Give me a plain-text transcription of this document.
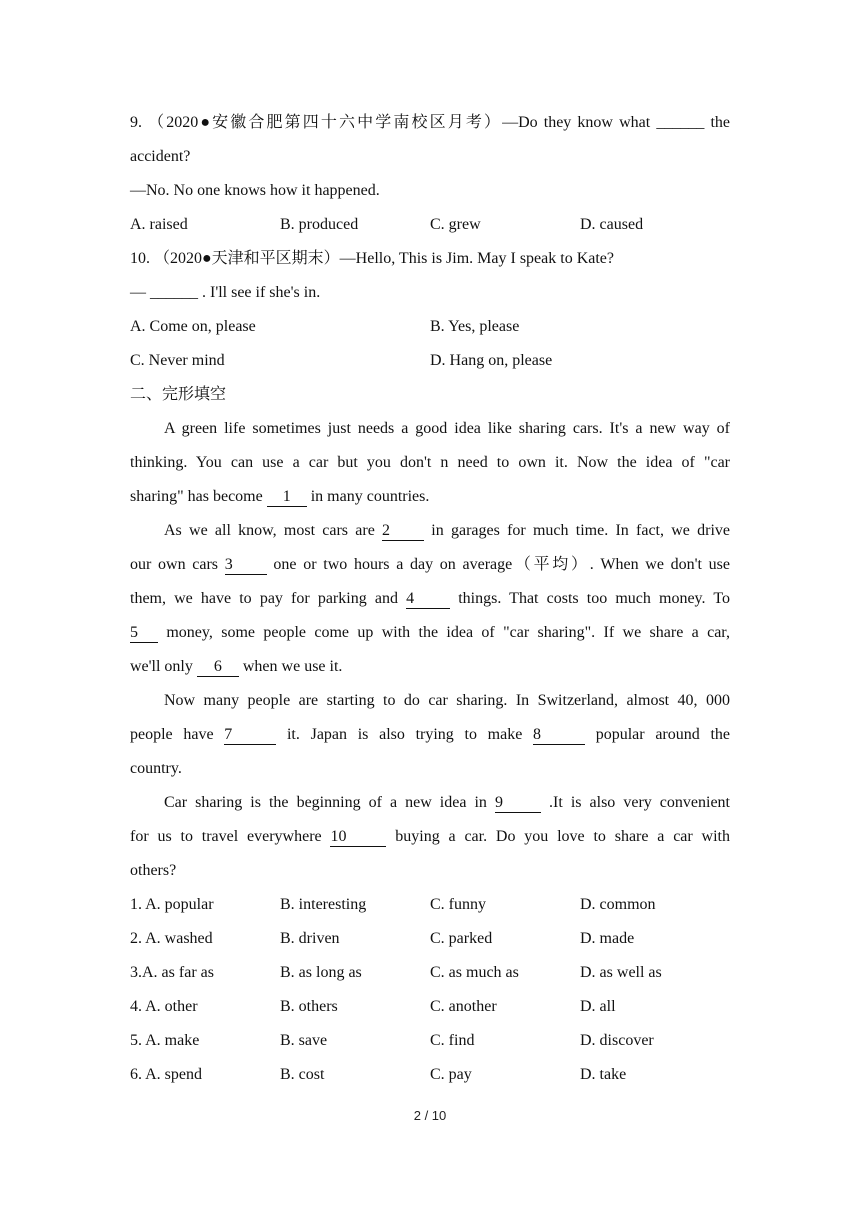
9. （2020●安徽合肥第四十六中学南校区月考）—Do they know what ______ the
accident?
—No. No one knows how it happened.
A. raised	B. produced	C. grew	D. caused
10. （2020●天津和平区期末）—Hello, This is Jim. May I speak to Kate?
— ______ . I'll see if she's in.
A. Come on, please	B. Yes, please
C. Never mind	D. Hang on, please
二、完形填空
A green life sometimes just needs a good idea like sharing cars. It's a new way of
thinking. You can use a car but you don't n need to own it. Now the idea of "car
sharing" has become 1 in many countries.
As we all know, most cars are 2 in garages for much time. In fact, we drive
our own cars 3 one or two hours a day on average（平均）. When we don't use
them, we have to pay for parking and 4 things. That costs too much money. To
5 money, some people come up with the idea of "car sharing". If we share a car,
we'll only 6 when we use it.
Now many people are starting to do car sharing. In Switzerland, almost 40, 000
people have 7	it. Japan is also trying to make 8	popular around the
country.
Car sharing is the beginning of a new idea in 9 .It is also very convenient
for us to travel everywhere 10	buying a car. Do you love to share a car with
others?
1. A. popular	B. interesting	C. funny	D. common
2. A. washed	B. driven	C. parked	D. made
3.A. as far as	B. as long as	C. as much as	D. as well as
4. A. other	B. others	C. another	D. all
5. A. make	B. save	C. find	D. discover
6. A. spend	B. cost	C. pay	D. take
2 / 10
